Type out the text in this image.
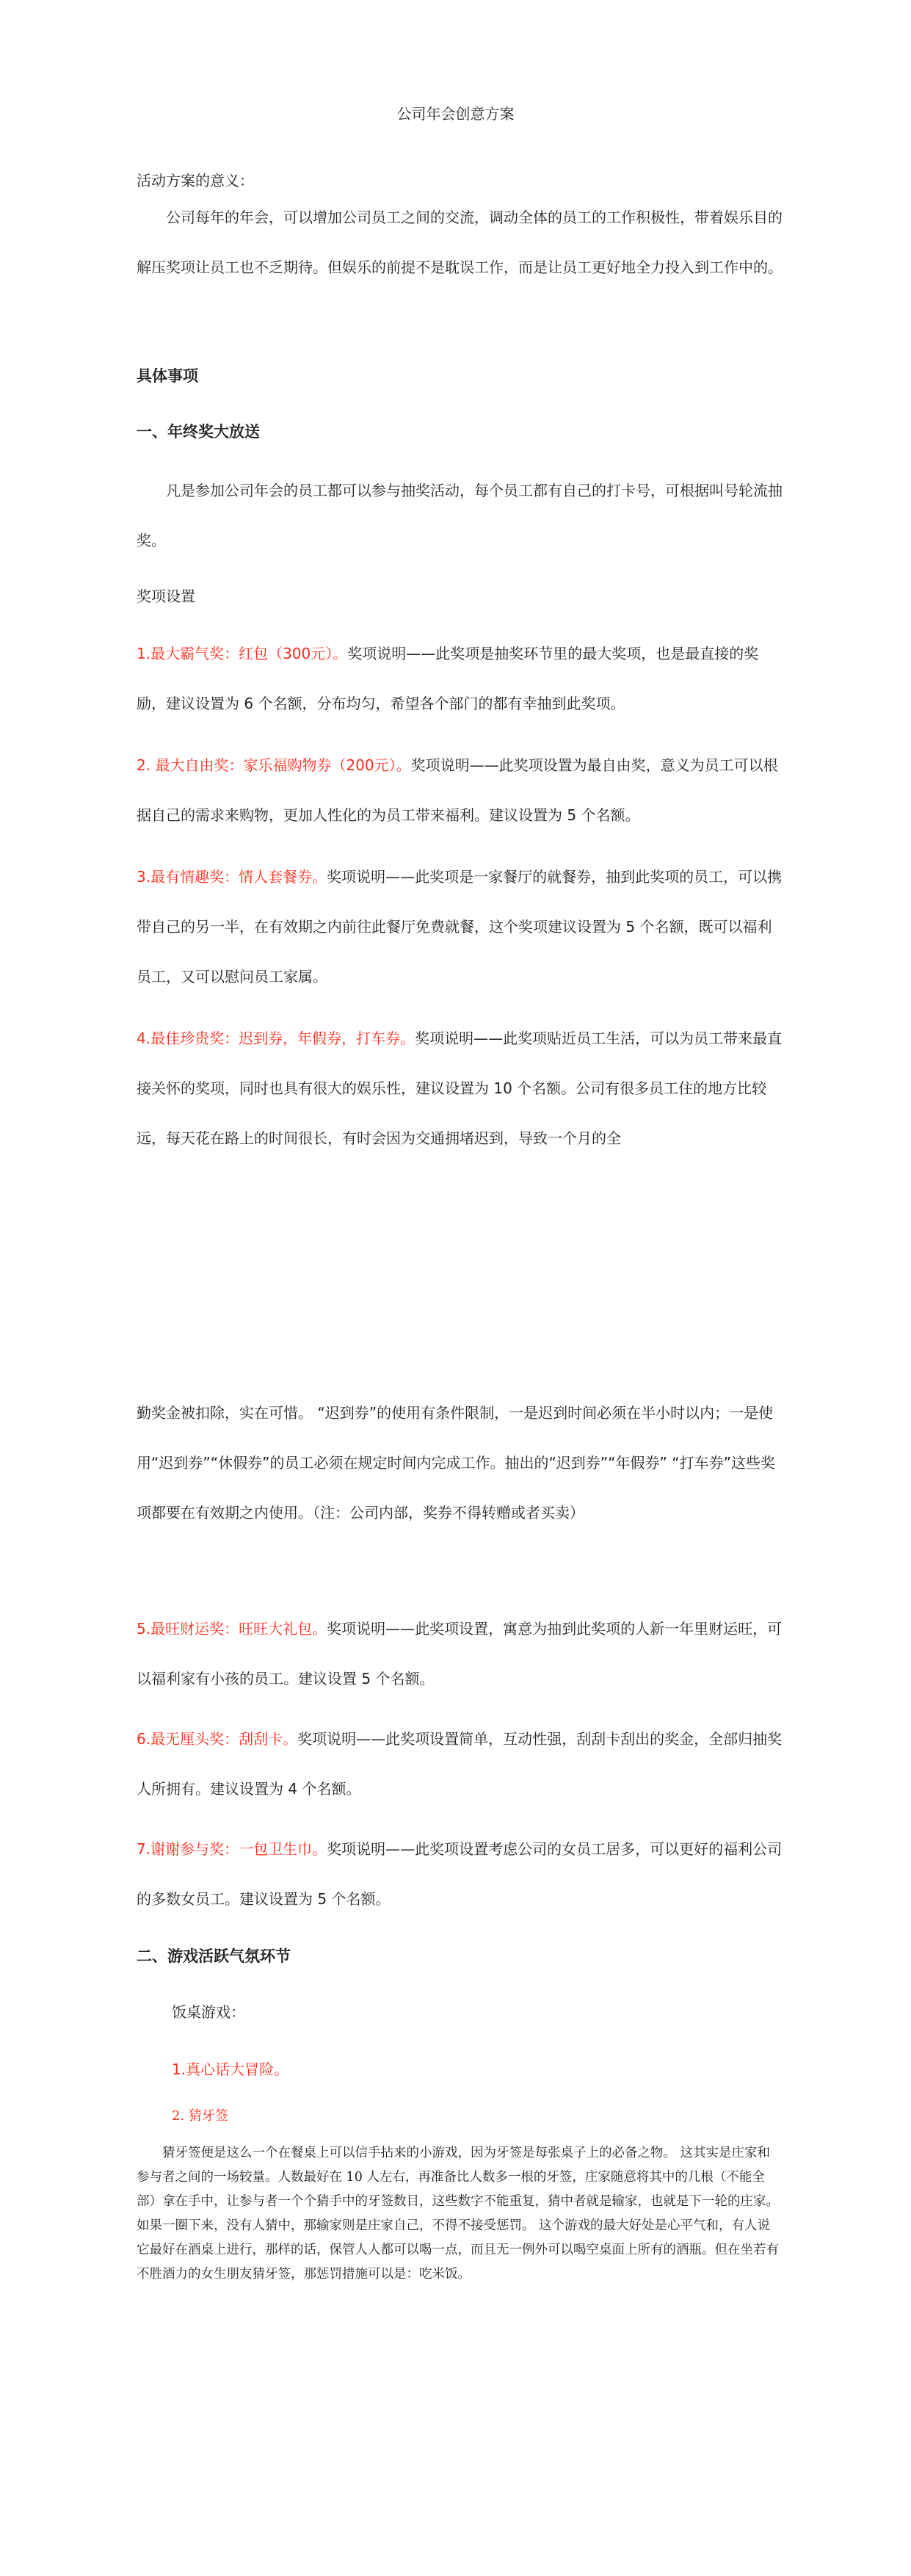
公司年会创意方案

活动方案的意义：

公司每年的年会，可以增加公司员工之间的交流，调动全体的员工的工作积极性，带着娱乐目的解压奖项让员工也不乏期待。但娱乐的前提不是耽误工作，而是让员工更好地全力投入到工作中的。

具体事项

一、年终奖大放送

凡是参加公司年会的员工都可以参与抽奖活动，每个员工都有自己的打卡号，可根据叫号轮流抽奖。

奖项设置

1.最大霸气奖：红包（300元）。奖项说明——此奖项是抽奖环节里的最大奖项，也是最直接的奖励，建议设置为 6 个名额，分布均匀，希望各个部门的都有幸抽到此奖项。

2. 最大自由奖：家乐福购物券（200元）。奖项说明——此奖项设置为最自由奖，意义为员工可以根据自己的需求来购物，更加人性化的为员工带来福利。建议设置为 5 个名额。

3.最有情趣奖：情人套餐券。奖项说明——此奖项是一家餐厅的就餐券，抽到此奖项的员工，可以携带自己的另一半，在有效期之内前往此餐厅免费就餐，这个奖项建议设置为 5 个名额，既可以福利员工，又可以慰问员工家属。

4.最佳珍贵奖：迟到券，年假券，打车券。奖项说明——此奖项贴近员工生活，可以为员工带来最直接关怀的奖项，同时也具有很大的娱乐性，建议设置为 10 个名额。公司有很多员工住的地方比较远，每天花在路上的时间很长，有时会因为交通拥堵迟到，导致一个月的全

勤奖金被扣除，实在可惜。 “迟到券”的使用有条件限制，一是迟到时间必须在半小时以内；一是使用“迟到券”“休假券”的员工必须在规定时间内完成工作。抽出的“迟到券”“年假券” “打车券”这些奖项都要在有效期之内使用。（注：公司内部，奖券不得转赠或者买卖）

5.最旺财运奖：旺旺大礼包。奖项说明——此奖项设置，寓意为抽到此奖项的人新一年里财运旺，可以福利家有小孩的员工。建议设置 5 个名额。

6.最无厘头奖：刮刮卡。奖项说明——此奖项设置简单，互动性强，刮刮卡刮出的奖金，全部归抽奖人所拥有。建议设置为 4 个名额。

7.谢谢参与奖：一包卫生巾。奖项说明——此奖项设置考虑公司的女员工居多，可以更好的福利公司的多数女员工。建议设置为 5 个名额。

二、游戏活跃气氛环节

饭桌游戏：

1.真心话大冒险。

2. 猜牙签

猜牙签便是这么一个在餐桌上可以信手拈来的小游戏，因为牙签是每张桌子上的必备之物。 这其实是庄家和参与者之间的一场较量。人数最好在 10 人左右，再准备比人数多一根的牙签，庄家随意将其中的几根（不能全部）拿在手中，让参与者一个个猜手中的牙签数目，这些数字不能重复，猜中者就是输家，也就是下一轮的庄家。如果一圈下来，没有人猜中，那输家则是庄家自己，不得不接受惩罚。 这个游戏的最大好处是心平气和，有人说它最好在酒桌上进行，那样的话，保管人人都可以喝一点，而且无一例外可以喝空桌面上所有的酒瓶。但在坐若有不胜酒力的女生朋友猜牙签，那惩罚措施可以是：吃米饭。
